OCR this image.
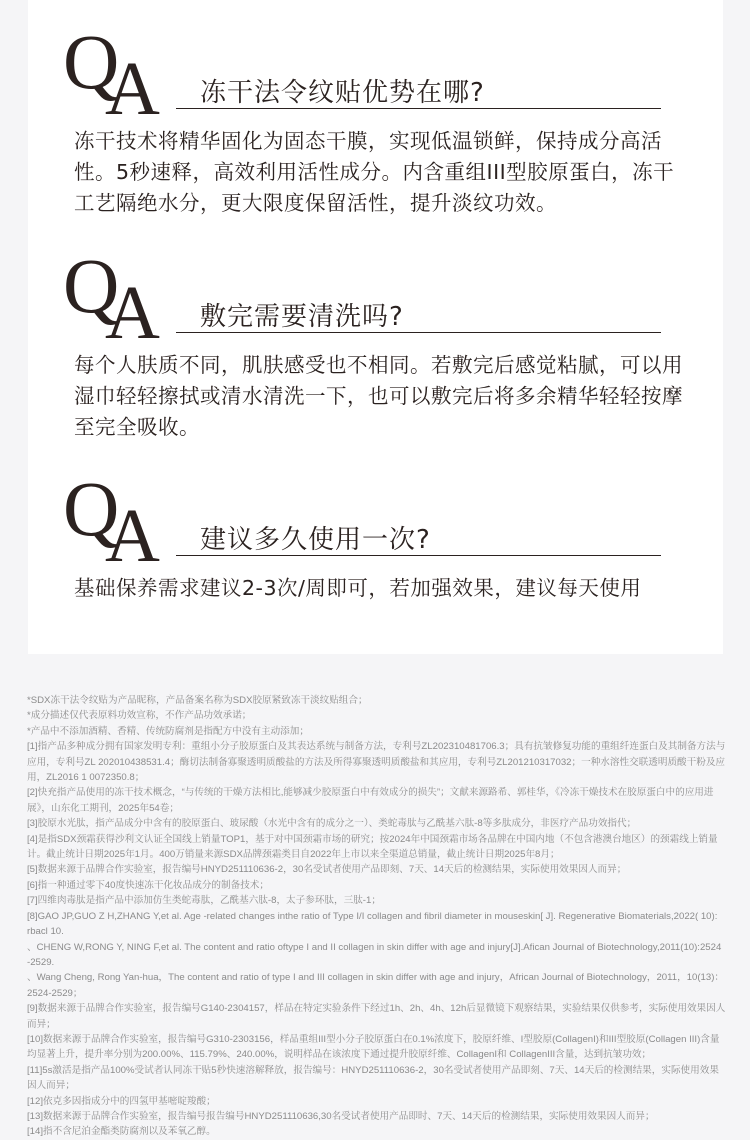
Q
A 冻干法令纹贴优势在哪?
冻干技术将精华固化为固态干膜，实现低温锁鲜，保持成分高活性。5秒速释，高效利用活性成分。内含重组III型胶原蛋白，冻干工艺隔绝水分，更大限度保留活性，提升淡纹功效。
Q
A 敷完需要清洗吗?
每个人肤质不同，肌肤感受也不相同。若敷完后感觉粘腻，可以用湿巾轻轻擦拭或清水清洗一下，也可以敷完后将多余精华轻轻按摩至完全吸收。
Q
A 建议多久使用一次?
基础保养需求建议2-3次/周即可，若加强效果，建议每天使用

*SDX冻干法令纹贴为产品昵称，产品备案名称为SDX胶原紧致冻干淡纹贴组合；

*成分描述仅代表原料功效宣称，不作产品功效承诺；

*产品中不添加酒精、香精、传统防腐剂是指配方中没有主动添加；

[1]指产品多种成分拥有国家发明专利：重组小分子胶原蛋白及其表达系统与制备方法，专利号ZL202310481706.3；具有抗皱修复功能的重组纤连蛋白及其制备方法与应用，专利号ZL 202010438531.4；酶切法制备寡聚透明质酸盐的方法及所得寡聚透明质酸盐和其应用，专利号ZL201210317032；一种水溶性交联透明质酸干粉及应用，ZL2016 1 0072350.8；

[2]快充指产品使用的冻干技术概念，“与传统的干燥方法相比,能够减少胶原蛋白中有效成分的损失”；文献来源路希、郭桂华，《冷冻干燥技术在胶原蛋白中的应用进展》，山东化工期刊，2025年54卷；

[3]胶原水光肽，指产品成分中含有的胶原蛋白、玻尿酸（水光中含有的成分之一）、类蛇毒肽与乙酰基六肽-8等多肽成分，非医疗产品功效指代；

[4]是指SDX颈霜获得沙利文认证全国线上销量TOP1，基于对中国颈霜市场的研究；按2024年中国颈霜市场各品牌在中国内地（不包含港澳台地区）的颈霜线上销量计。截止统计日期2025年1月。400万销量来源SDX品牌颈霜类目自2022年上市以来全渠道总销量，截止统计日期2025年8月；

[5]数据来源于品牌合作实验室，报告编号HNYD251110636-2，30名受试者使用产品即刻、7天、14天后的检测结果，实际使用效果因人而异；

[6]指一种通过零下40度快速冻干化妆品成分的制备技术；

[7]四维肉毒肽是指产品中添加仿生类蛇毒肽，乙酰基六肽-8，太子参环肽，三肽-1；

[8]GAO JP,GUO Z H,ZHANG Y,et al. Age -related changes inthe ratio of Type I/I collagen and fibril diameter in mouseskin[ J]. Regenerative Biomaterials,2022( 10): rbacl 10.

、CHENG W,RONG Y, NING F,et al. The content and ratio oftype I and II collagen in skin differ with age and injury[J].Afican Journal of Biotechnology,2011(10):2524 -2529.

、Wang Cheng, Rong Yan-hua，The content and ratio of type I and III collagen in skin differ with age and injury，African Journal of Biotechnology，2011，10(13)：2524-2529；

[9]数据来源于品牌合作实验室，报告编号G140-2304157，样品在特定实验条件下经过1h、2h、4h、12h后显微镜下观察结果，实验结果仅供参考，实际使用效果因人而异；

[10]数据来源于品牌合作实验室，报告编号G310-2303156，样品重组III型小分子胶原蛋白在0.1%浓度下，胶原纤维、I型胶原(CollagenI)和III型胶原(Collagen III)含量均显著上升，提升率分别为200.00%、115.79%、240.00%，说明样品在该浓度下通过提升胶原纤维、CollagenI和 CollagenIII含量，达到抗皱功效；

[11]5s激活是指产品100%受试者认同冻干贴5秒快速溶解释放，报告编号：HNYD251110636-2，30名受试者使用产品即刻、7天、14天后的检测结果，实际使用效果因人而异；

[12]依克多因指成分中的四氢甲基嘧啶羧酸；

[13]数据来源于品牌合作实验室，报告编号报告编号HNYD251110636,30名受试者使用产品即时、7天、14天后的检测结果，实际使用效果因人而异；

[14]指不含尼泊金酯类防腐剂以及苯氧乙醇。
